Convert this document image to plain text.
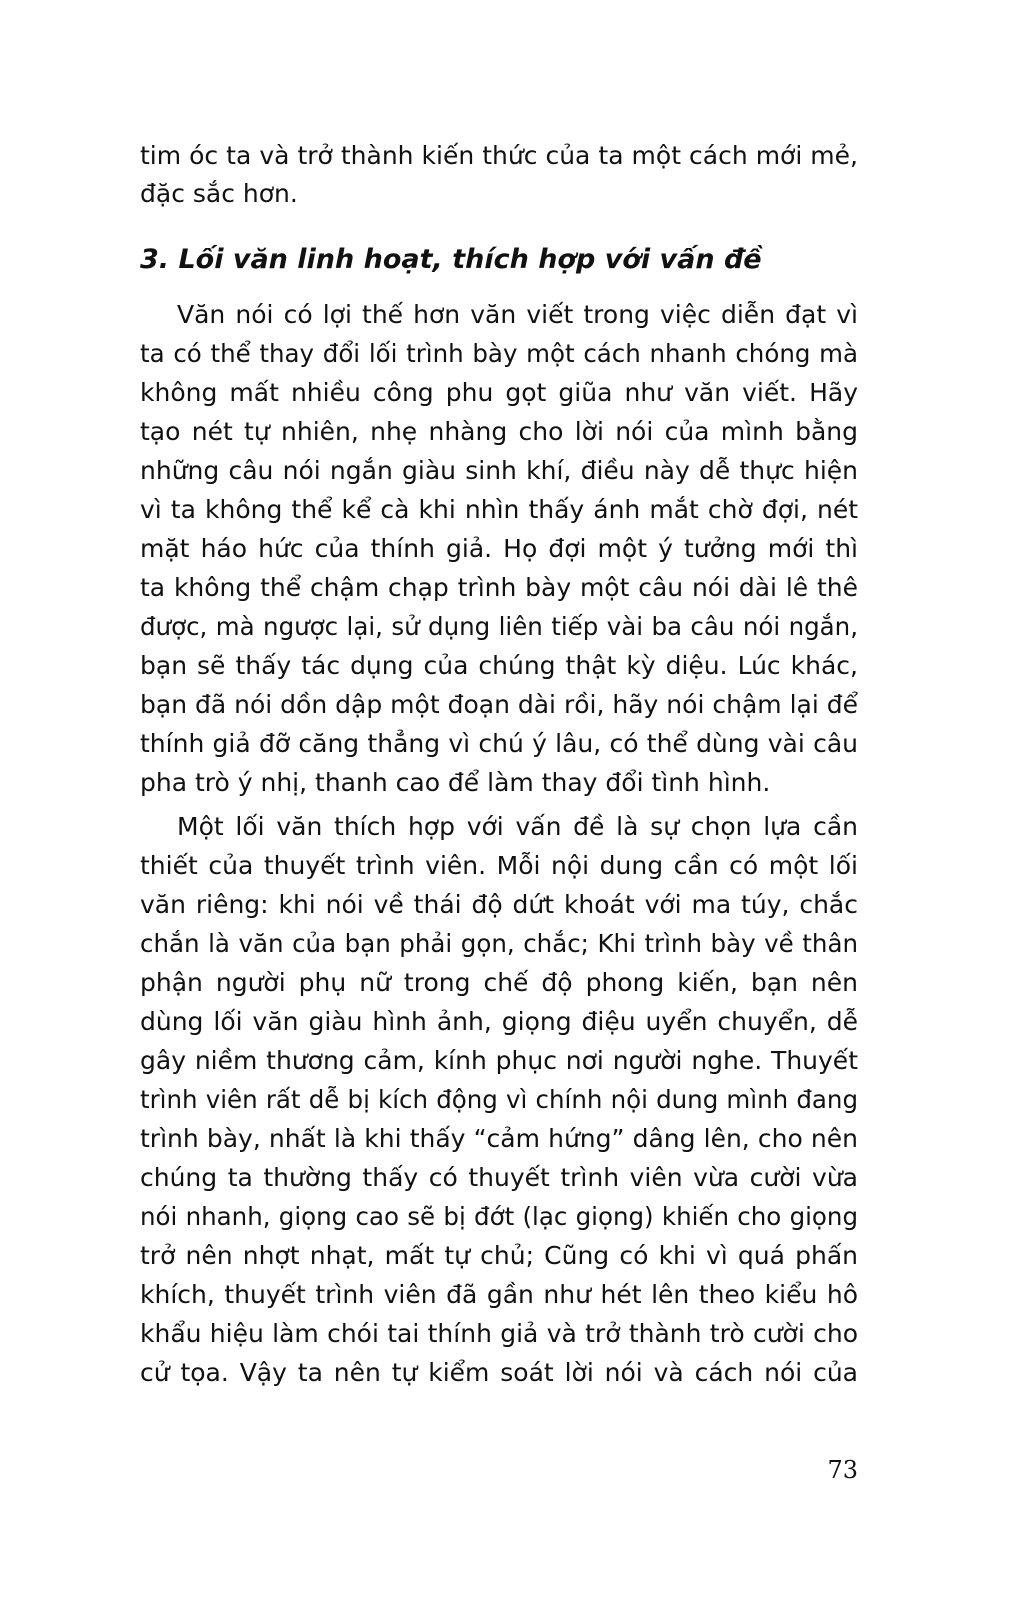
tim óc ta và trở thành kiến thức của ta một cách mới mẻ,
đặc sắc hơn.
3. Lối văn linh hoạt, thích hợp với vấn đề
Văn nói có lợi thế hơn văn viết trong việc diễn đạt vì
ta có thể thay đổi lối trình bày một cách nhanh chóng mà
không mất nhiều công phu gọt giũa như văn viết. Hãy
tạo nét tự nhiên, nhẹ nhàng cho lời nói của mình bằng
những câu nói ngắn giàu sinh khí, điều này dễ thực hiện
vì ta không thể kể cà khi nhìn thấy ánh mắt chờ đợi, nét
mặt háo hức của thính giả. Họ đợi một ý tưởng mới thì
ta không thể chậm chạp trình bày một câu nói dài lê thê
được, mà ngược lại, sử dụng liên tiếp vài ba câu nói ngắn,
bạn sẽ thấy tác dụng của chúng thật kỳ diệu. Lúc khác,
bạn đã nói dồn dập một đoạn dài rồi, hãy nói chậm lại để
thính giả đỡ căng thẳng vì chú ý lâu, có thể dùng vài câu
pha trò ý nhị, thanh cao để làm thay đổi tình hình.
Một lối văn thích hợp với vấn đề là sự chọn lựa cần
thiết của thuyết trình viên. Mỗi nội dung cần có một lối
văn riêng: khi nói về thái độ dứt khoát với ma túy, chắc
chắn là văn của bạn phải gọn, chắc; Khi trình bày về thân
phận người phụ nữ trong chế độ phong kiến, bạn nên
dùng lối văn giàu hình ảnh, giọng điệu uyển chuyển, dễ
gây niềm thương cảm, kính phục nơi người nghe. Thuyết
trình viên rất dễ bị kích động vì chính nội dung mình đang
trình bày, nhất là khi thấy “cảm hứng” dâng lên, cho nên
chúng ta thường thấy có thuyết trình viên vừa cười vừa
nói nhanh, giọng cao sẽ bị đớt (lạc giọng) khiến cho giọng
trở nên nhợt nhạt, mất tự chủ; Cũng có khi vì quá phấn
khích, thuyết trình viên đã gần như hét lên theo kiểu hô
khẩu hiệu làm chói tai thính giả và trở thành trò cười cho
cử tọa. Vậy ta nên tự kiểm soát lời nói và cách nói của
73
